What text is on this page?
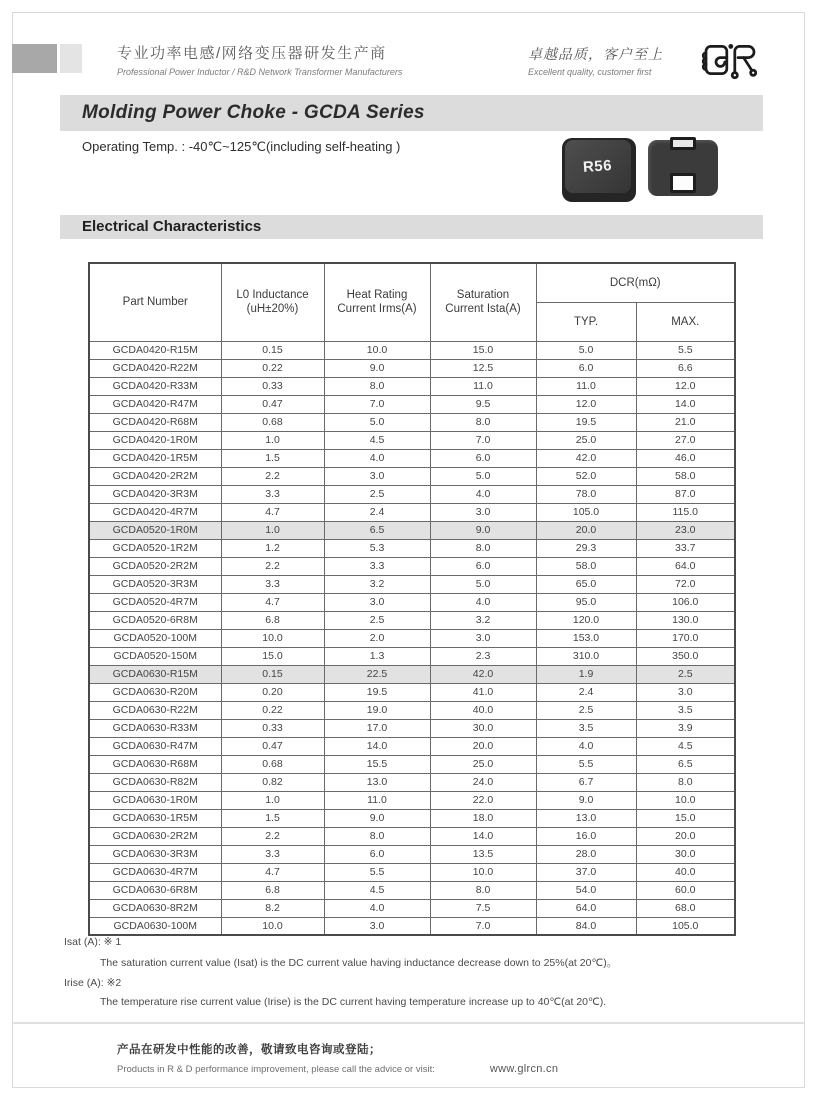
专业功率电感/网络变压器研发生产商
Professional Power Inductor / R&D Network Transformer Manufacturers
卓越品质，客户至上
Excellent quality, customer first
Molding Power Choke - GCDA Series
Operating Temp. : -40℃~125℃(including self-heating )
R56
Electrical Characteristics
Part Number

L0 Inductance
(uH±20%)

Heat Rating
Current Irms(A)

Saturation
Current Ista(A)
	DCR(mΩ)
				TYP.	MAX.
GCDA0420-R15M	0.15	10.0	15.0	5.0	5.5
GCDA0420-R22M	0.22	9.0	12.5	6.0	6.6
GCDA0420-R33M	0.33	8.0	11.0	11.0	12.0
GCDA0420-R47M	0.47	7.0	9.5	12.0	14.0
GCDA0420-R68M	0.68	5.0	8.0	19.5	21.0
GCDA0420-1R0M	1.0	4.5	7.0	25.0	27.0
GCDA0420-1R5M	1.5	4.0	6.0	42.0	46.0
GCDA0420-2R2M	2.2	3.0	5.0	52.0	58.0
GCDA0420-3R3M	3.3	2.5	4.0	78.0	87.0
GCDA0420-4R7M	4.7	2.4	3.0	105.0	115.0
GCDA0520-1R0M	1.0	6.5	9.0	20.0	23.0
GCDA0520-1R2M	1.2	5.3	8.0	29.3	33.7
GCDA0520-2R2M	2.2	3.3	6.0	58.0	64.0
GCDA0520-3R3M	3.3	3.2	5.0	65.0	72.0
GCDA0520-4R7M	4.7	3.0	4.0	95.0	106.0
GCDA0520-6R8M	6.8	2.5	3.2	120.0	130.0
GCDA0520-100M	10.0	2.0	3.0	153.0	170.0
GCDA0520-150M	15.0	1.3	2.3	310.0	350.0
GCDA0630-R15M	0.15	22.5	42.0	1.9	2.5
GCDA0630-R20M	0.20	19.5	41.0	2.4	3.0
GCDA0630-R22M	0.22	19.0	40.0	2.5	3.5
GCDA0630-R33M	0.33	17.0	30.0	3.5	3.9
GCDA0630-R47M	0.47	14.0	20.0	4.0	4.5
GCDA0630-R68M	0.68	15.5	25.0	5.5	6.5
GCDA0630-R82M	0.82	13.0	24.0	6.7	8.0
GCDA0630-1R0M	1.0	11.0	22.0	9.0	10.0
GCDA0630-1R5M	1.5	9.0	18.0	13.0	15.0
GCDA0630-2R2M	2.2	8.0	14.0	16.0	20.0
GCDA0630-3R3M	3.3	6.0	13.5	28.0	30.0
GCDA0630-4R7M	4.7	5.5	10.0	37.0	40.0
GCDA0630-6R8M	6.8	4.5	8.0	54.0	60.0
GCDA0630-8R2M	8.2	4.0	7.5	64.0	68.0
GCDA0630-100M	10.0	3.0	7.0	84.0	105.0
Isat (A): ※ 1
The saturation current value (Isat) is the DC current value having inductance decrease down to 25%(at 20℃)。
Irise (A): ※2
The temperature rise current value (Irise) is the DC current having temperature increase up to 40℃(at 20℃).
产品在研发中性能的改善，敬请致电咨询或登陆；
Products in R & D performance improvement, please call the advice or visit:	www.glrcn.cn
